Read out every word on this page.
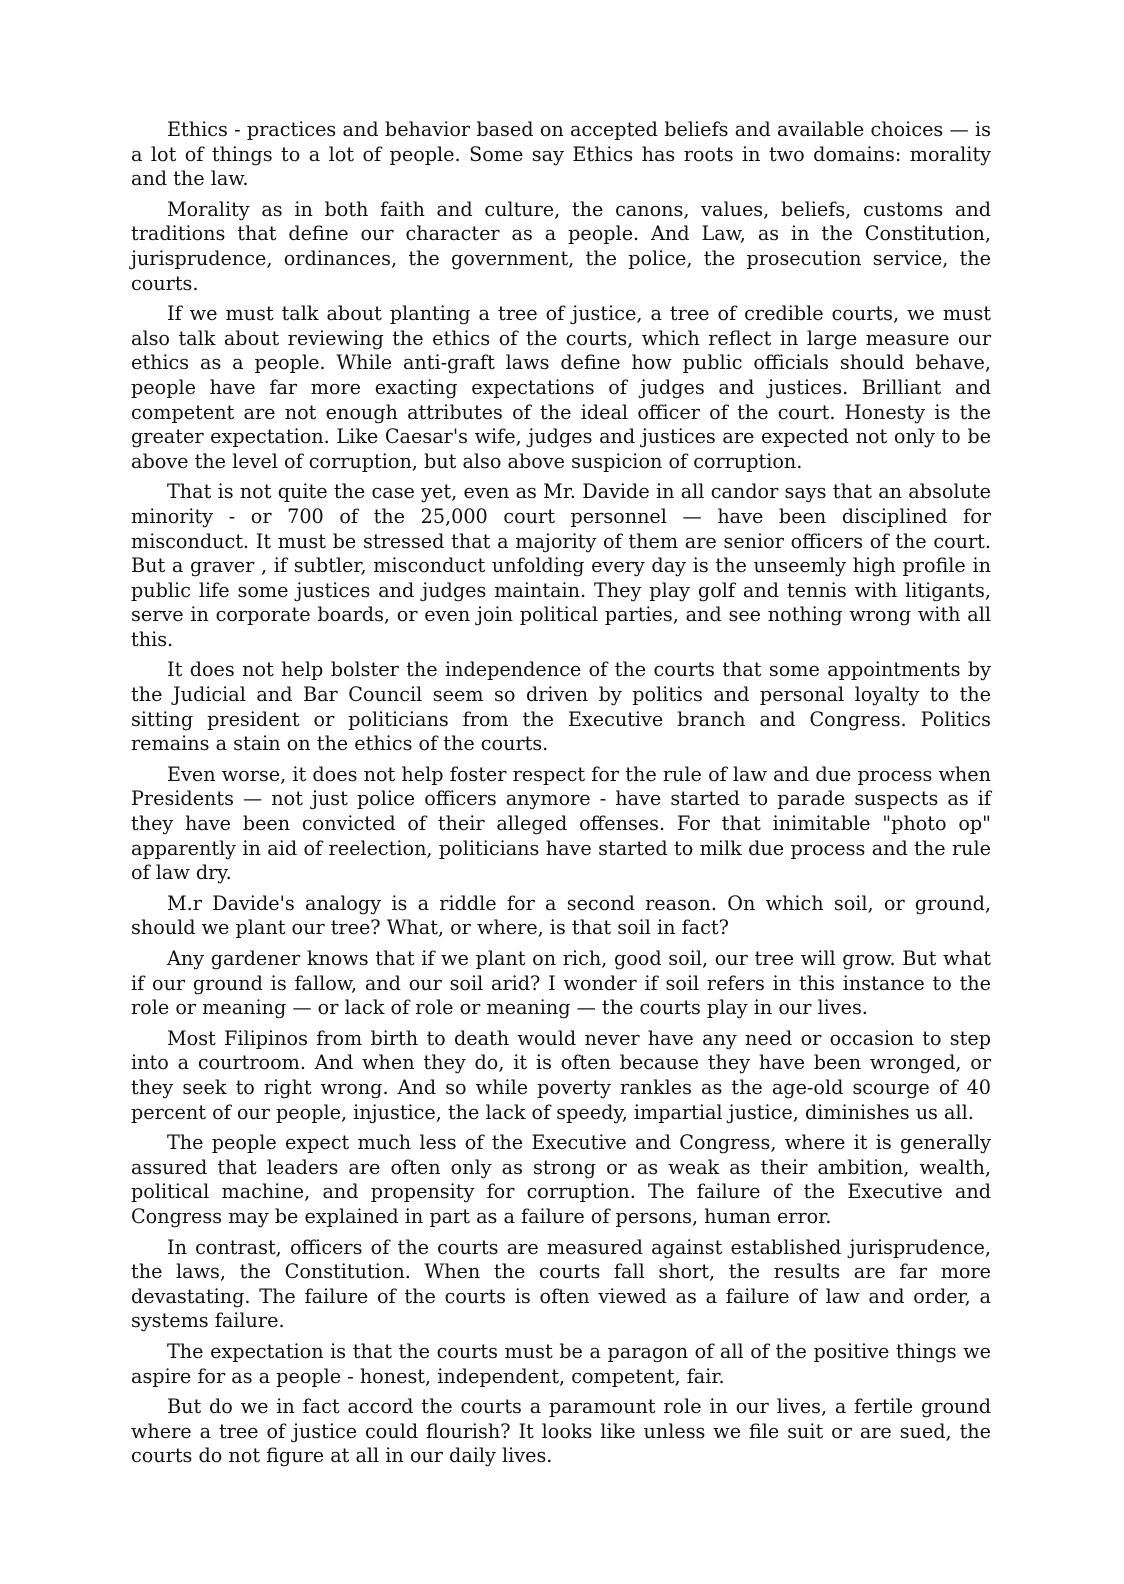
Ethics - practices and behavior based on accepted beliefs and available choices — is a lot of things to a lot of people. Some say Ethics has roots in two domains: morality and the law.

Morality as in both faith and culture, the canons, values, beliefs, customs and traditions that define our character as a people. And Law, as in the Constitution, jurisprudence, ordinances, the government, the police, the prosecution service, the courts.

If we must talk about planting a tree of justice, a tree of credible courts, we must also talk about reviewing the ethics of the courts, which reflect in large measure our ethics as a people. While anti-graft laws define how public officials should behave, people have far more exacting expectations of judges and justices. Brilliant and competent are not enough attributes of the ideal officer of the court. Honesty is the greater expectation. Like Caesar's wife, judges and justices are expected not only to be above the level of corruption, but also above suspicion of corruption.

That is not quite the case yet, even as Mr. Davide in all candor says that an absolute minority - or 700 of the 25,000 court personnel — have been disciplined for misconduct. It must be stressed that a majority of them are senior officers of the court. But a graver , if subtler, misconduct unfolding every day is the unseemly high profile in public life some justices and judges maintain. They play golf and tennis with litigants, serve in corporate boards, or even join political parties, and see nothing wrong with all this.

It does not help bolster the independence of the courts that some appointments by the Judicial and Bar Council seem so driven by politics and personal loyalty to the sitting president or politicians from the Executive branch and Congress. Politics remains a stain on the ethics of the courts.

Even worse, it does not help foster respect for the rule of law and due process when Presidents — not just police officers anymore - have started to parade suspects as if they have been convicted of their alleged offenses. For that inimitable "photo op" apparently in aid of reelection, politicians have started to milk due process and the rule of law dry.

M.r Davide's analogy is a riddle for a second reason. On which soil, or ground, should we plant our tree? What, or where, is that soil in fact?

Any gardener knows that if we plant on rich, good soil, our tree will grow. But what if our ground is fallow, and our soil arid? I wonder if soil refers in this instance to the role or meaning — or lack of role or meaning — the courts play in our lives.

Most Filipinos from birth to death would never have any need or occasion to step into a courtroom. And when they do, it is often because they have been wronged, or they seek to right wrong. And so while poverty rankles as the age-old scourge of 40 percent of our people, injustice, the lack of speedy, impartial justice, diminishes us all.

The people expect much less of the Executive and Congress, where it is generally assured that leaders are often only as strong or as weak as their ambition, wealth, political machine, and propensity for corruption. The failure of the Executive and Congress may be explained in part as a failure of persons, human error.

In contrast, officers of the courts are measured against established jurisprudence, the laws, the Constitution. When the courts fall short, the results are far more devastating. The failure of the courts is often viewed as a failure of law and order, a systems failure.

The expectation is that the courts must be a paragon of all of the positive things we aspire for as a people - honest, independent, competent, fair.

But do we in fact accord the courts a paramount role in our lives, a fertile ground where a tree of justice could flourish? It looks like unless we file suit or are sued, the courts do not figure at all in our daily lives.
